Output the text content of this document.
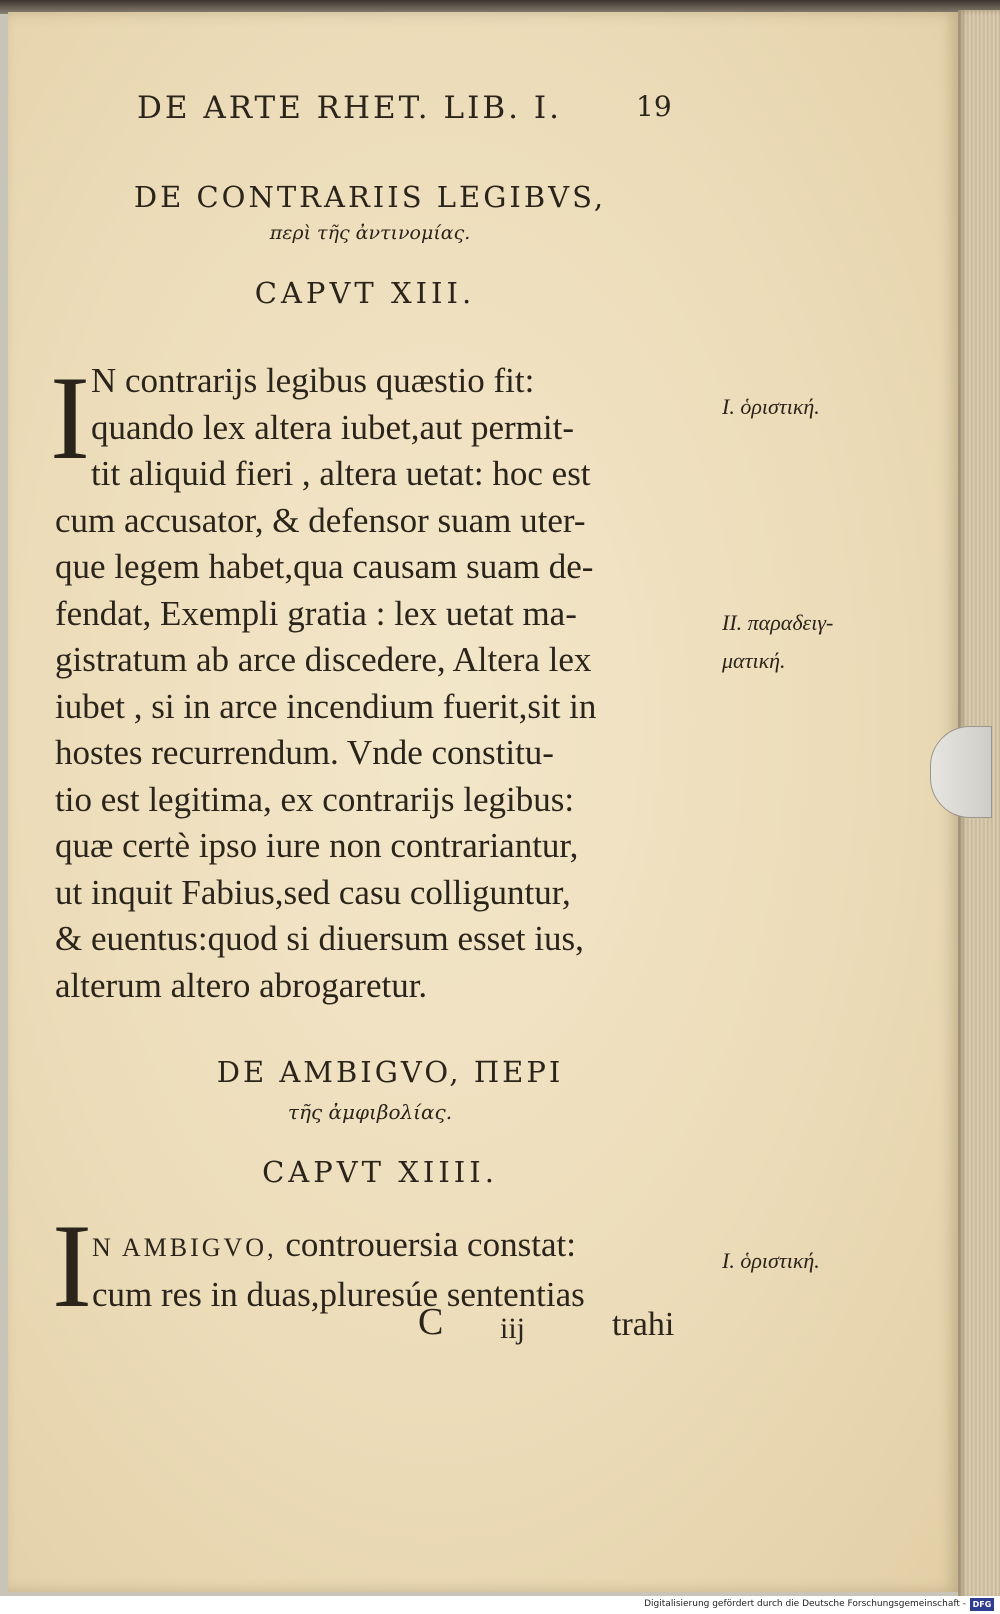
DE ARTE RHET. LIB. I.	19
DE CONTRARIIS LEGIBVS,
περὶ τῆς ἀντινομίας.
CAPVT XIII.
I N contrarijs legibus quæstio fit:
quando lex altera iubet,aut permit-
tit aliquid fieri , altera uetat: hoc est
cum accusator, & defensor suam uter-
que legem habet,qua causam suam de-
fendat, Exempli gratia : lex uetat ma-
gistratum ab arce discedere, Altera lex
iubet , si in arce incendium fuerit,sit in
hostes recurrendum. Vnde constitu-
tio est legitima, ex contrarijs legibus:
quæ certè ipso iure non contrariantur,
ut inquit Fabius,sed casu colliguntur,
& euentus:quod si diuersum esset ius,
alterum altero abrogaretur.
I. ὁριστική.
II. παραδειγ-
ματική.
DE AMBIGVO, ΠΕΡΙ
τῆς ἀμφιβολίας.
CAPVT XIIII.
I N AMBIGVO, controuersia constat:
cum res in duas,pluresúe sententias
I. ὁριστική.
C iij	trahi
Digitalisierung gefördert durch die Deutsche Forschungsgemeinschaft - DFG
